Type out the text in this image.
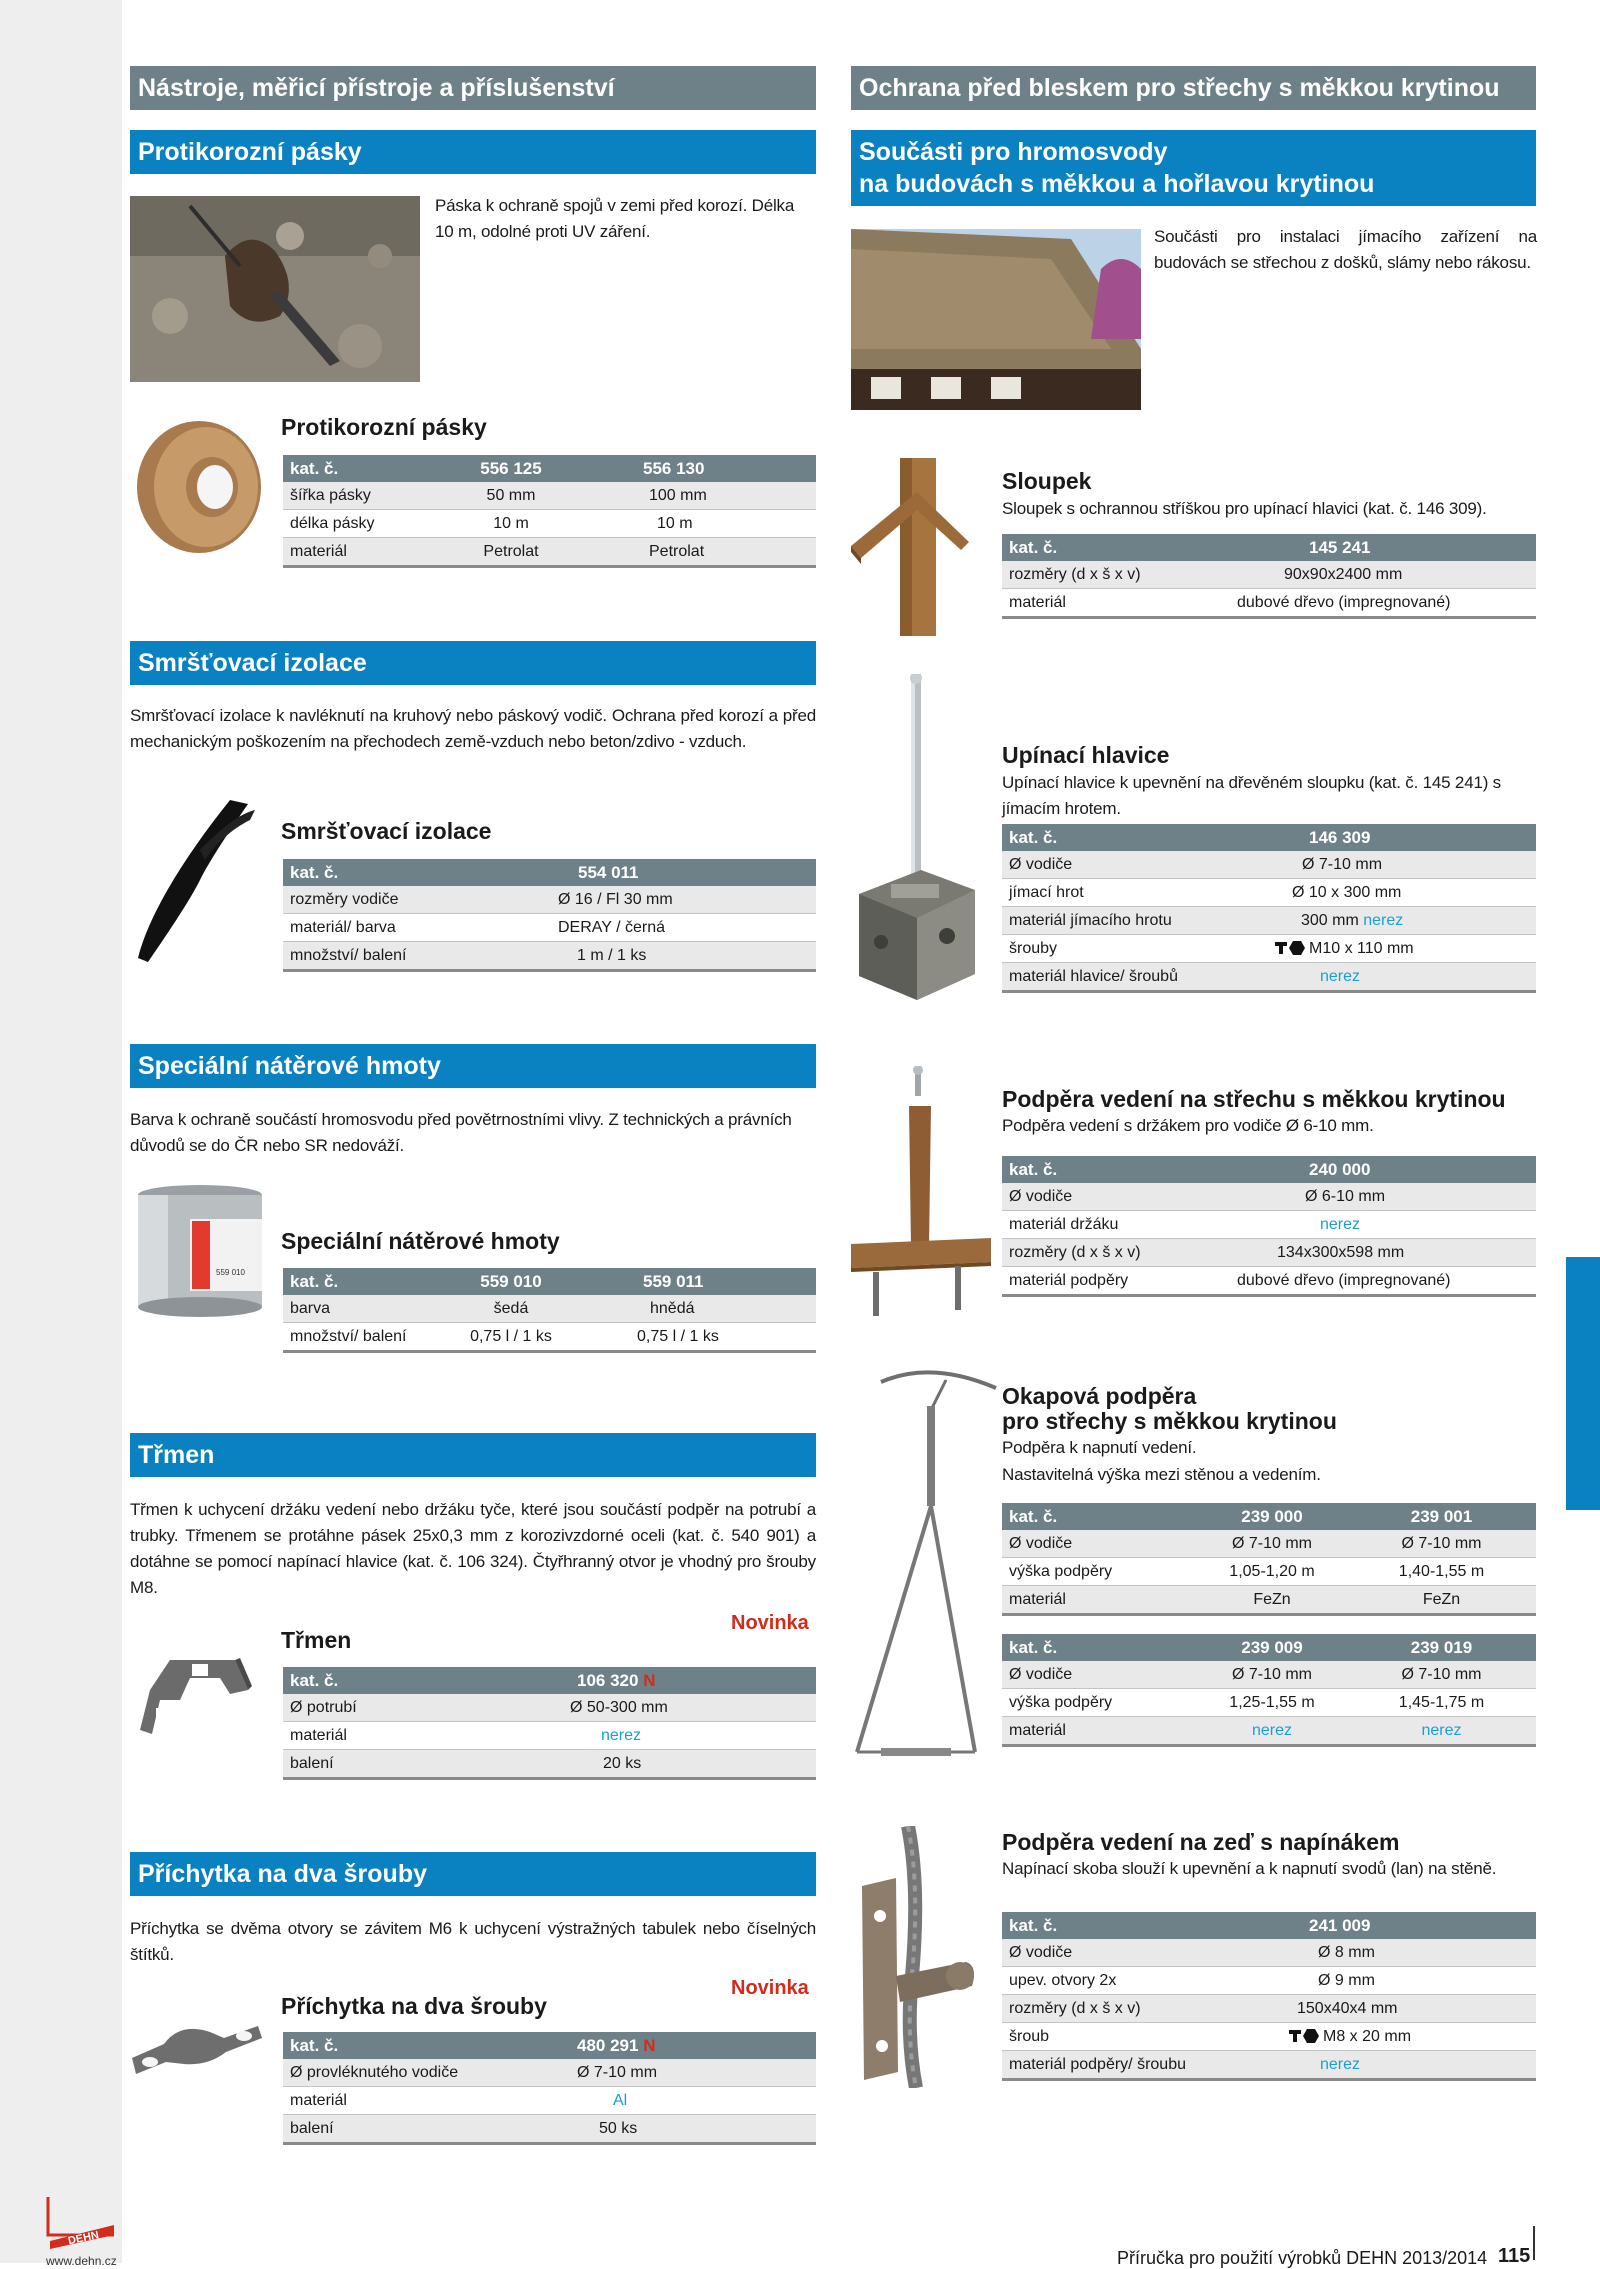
Nástroje, měřicí přístroje a příslušenství
Protikorozní pásky
Páska k ochraně spojů v zemi před korozí. Délka 10 m, odolné proti UV záření.
Protikorozní pásky
kat. č.	556 125	556 130
šířka pásky	50 mm	100 mm
délka pásky	10 m	10 m
materiál	Petrolat	Petrolat
Smršťovací izolace
Smršťovací izolace k navléknutí na kruhový nebo páskový vodič. Ochrana před korozí a před mechanickým poškozením na přechodech země-vzduch nebo beton/zdivo - vzduch.
Smršťovací izolace
kat. č.	554 011
rozměry vodiče	Ø 16 / Fl 30 mm
materiál/ barva	DERAY / černá
množství/ balení	1 m / 1 ks
Speciální nátěrové hmoty
Barva k ochraně součástí hromosvodu před povětrnostními vlivy. Z technických a právních důvodů se do ČR nebo SR nedováží.
559 010
Speciální nátěrové hmoty
kat. č.	559 010	559 011
barva	šedá	hnědá
množství/ balení	0,75 l / 1 ks	0,75 l / 1 ks
Třmen
Třmen k uchycení držáku vedení nebo držáku tyče, které jsou součástí podpěr na potrubí a trubky. Třmenem se protáhne pásek 25x0,3 mm z korozivzdorné oceli (kat. č. 540 901) a dotáhne se pomocí napínací hlavice (kat. č. 106 324). Čtyřhranný otvor je vhodný pro šrouby M8.
Novinka
Třmen
kat. č.	106 320 N
Ø potrubí	Ø 50-300 mm
materiál	nerez
balení	20 ks
Příchytka na dva šrouby
Příchytka se dvěma otvory se závitem M6 k uchycení výstražných tabulek nebo číselných štítků.
Novinka
Příchytka na dva šrouby
kat. č.	480 291 N
Ø provléknutého vodiče	Ø 7-10 mm
materiál	Al
balení	50 ks
Ochrana před bleskem pro střechy s měkkou krytinou
Součásti pro hromosvody
na budovách s měkkou a hořlavou krytinou
Součásti pro instalaci jímacího zařízení na budovách se střechou z došků, slámy nebo rákosu.
Sloupek
Sloupek s ochrannou stříškou pro upínací hlavici (kat. č. 146 309).
kat. č.	145 241
rozměry (d x š x v)	90x90x2400 mm
materiál	dubové dřevo (impregnované)
Upínací hlavice
Upínací hlavice k upevnění na dřevěném sloupku (kat. č. 145 241) s jímacím hrotem.
kat. č.	146 309
Ø vodiče	Ø 7-10 mm
jímací hrot	Ø 10 x 300 mm
materiál jímacího hrotu	300 mm nerez
šrouby	M10 x 110 mm
materiál hlavice/ šroubů	nerez
Podpěra vedení na střechu s měkkou krytinou
Podpěra vedení s držákem pro vodiče Ø 6-10 mm.
kat. č.	240 000
Ø vodiče	Ø 6-10 mm
materiál držáku	nerez
rozměry (d x š x v)	134x300x598 mm
materiál podpěry	dubové dřevo (impregnované)
Okapová podpěra
pro střechy s měkkou krytinou
Podpěra k napnutí vedení.
Nastavitelná výška mezi stěnou a vedením.
kat. č.	239 000	239 001
Ø vodiče	Ø 7-10 mm	Ø 7-10 mm
výška podpěry	1,05-1,20 m	1,40-1,55 m
materiál	FeZn	FeZn
kat. č.	239 009	239 019
Ø vodiče	Ø 7-10 mm	Ø 7-10 mm
výška podpěry	1,25-1,55 m	1,45-1,75 m
materiál	nerez	nerez
Podpěra vedení na zeď s napínákem
Napínací skoba slouží k upevnění a k napnutí svodů (lan) na stěně.
kat. č.	241 009
Ø vodiče	Ø 8 mm
upev. otvory 2x	Ø 9 mm
rozměry (d x š x v)	150x40x4 mm
šroub	M8 x 20 mm
materiál podpěry/ šroubu	nerez
DEHN
www.dehn.cz	Příručka pro použití výrobků DEHN 2013/2014 115
